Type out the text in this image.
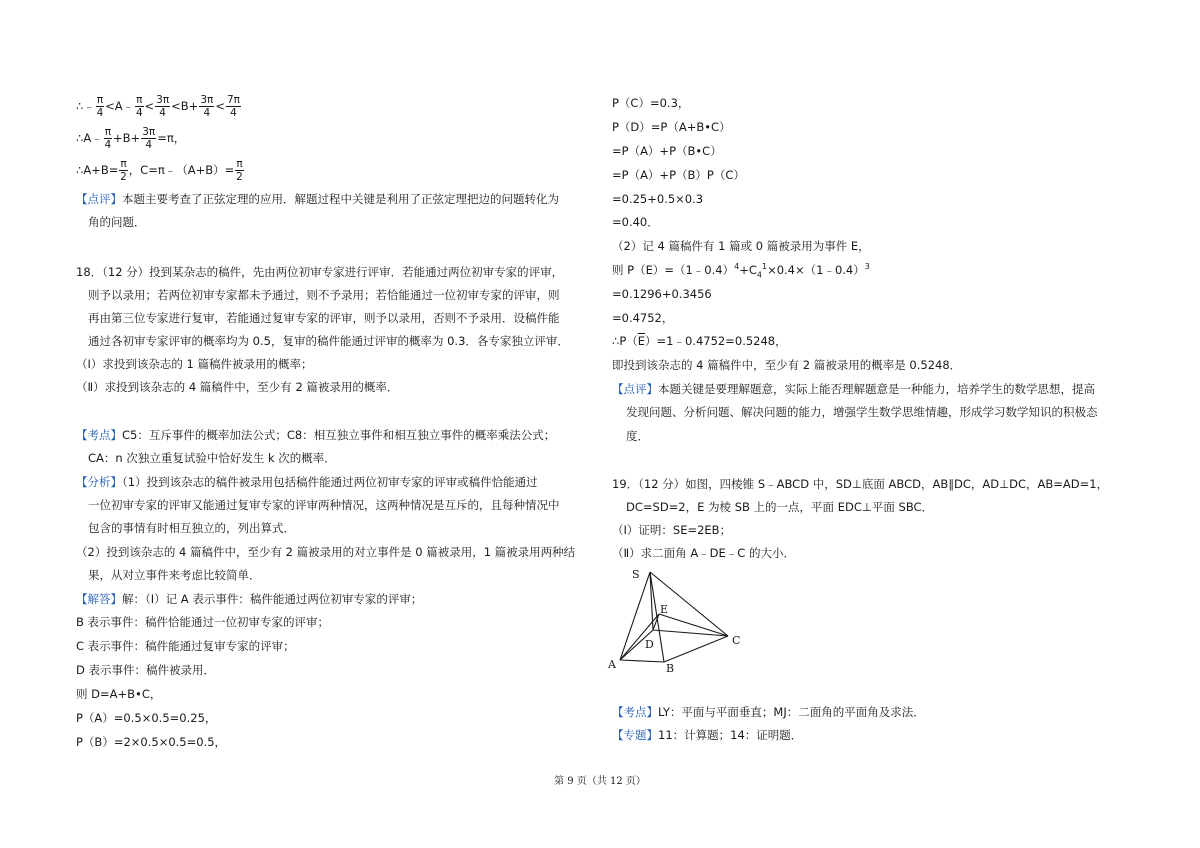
∴﹣ $\frac{\pi}{4}$ <A﹣ $\frac{\pi}{4} < \frac{3\pi}{4} <B+ \frac{3\pi}{4} < \frac{7\pi}{4}$
∴A﹣ $\frac{\pi}{4} +B+ \frac{3\pi}{4} =\pi$，
∴A+B= $\frac{\pi}{2}$ ，C=π﹣（A+B）= $\frac{\pi}{2}$
【点评】本题主要考查了正弦定理的应用．解题过程中关键是利用了正弦定理把边的问题转化为
角的问题．
18．（12 分）投到某杂志的稿件，先由两位初审专家进行评审．若能通过两位初审专家的评审，
则予以录用；若两位初审专家都未予通过，则不予录用；若恰能通过一位初审专家的评审，则
再由第三位专家进行复审，若能通过复审专家的评审，则予以录用，否则不予录用．设稿件能
通过各初审专家评审的概率均为 0.5，复审的稿件能通过评审的概率为 0.3．各专家独立评审．
（Ⅰ）求投到该杂志的 1 篇稿件被录用的概率；
（Ⅱ）求投到该杂志的 4 篇稿件中，至少有 2 篇被录用的概率．
【考点】C5：互斥事件的概率加法公式；C8：相互独立事件和相互独立事件的概率乘法公式；
CA：n 次独立重复试验中恰好发生 k 次的概率．
【分析】（1）投到该杂志的稿件被录用包括稿件能通过两位初审专家的评审或稿件恰能通过
一位初审专家的评审又能通过复审专家的评审两种情况，这两种情况是互斥的，且每种情况中
包含的事情有时相互独立的，列出算式．
（2）投到该杂志的 4 篇稿件中，至少有 2 篇被录用的对立事件是 0 篇被录用，1 篇被录用两种结
果，从对立事件来考虑比较简单．
【解答】解：（Ⅰ）记 A 表示事件：稿件能通过两位初审专家的评审；
B 表示事件：稿件恰能通过一位初审专家的评审；
C 表示事件：稿件能通过复审专家的评审；
D 表示事件：稿件被录用．
则 D=A+B•C，
P（A）=0.5×0.5=0.25，
P（B）=2×0.5×0.5=0.5，
P（C）=0.3，
P（D）=P（A+B•C）
=P（A）+P（B•C）
=P（A）+P（B）P（C）
=0.25+0.5×0.3
=0.40．
（2）记 4 篇稿件有 1 篇或 0 篇被录用为事件 E，
则 $P(E)=(1﹣0.4)^4+C_4^1\times 0.4\times(1﹣0.4)^3$
=0.1296+0.3456
=0.4752，
$\therefore P(\overline{E})=1﹣0.4752=0.5248$，
即投到该杂志的 4 篇稿件中，至少有 2 篇被录用的概率是 0.5248．
【点评】本题关键是要理解题意，实际上能否理解题意是一种能力，培养学生的数学思想，提高
发现问题、分析问题、解决问题的能力，增强学生数学思维情趣，形成学习数学知识的积极态
度．
19．（12 分）如图，四棱锥 S﹣ABCD 中，SD⊥底面 ABCD，AB∥DC，AD⊥DC，AB=AD=1，
DC=SD=2，E 为棱 SB 上的一点，平面 EDC⊥平面 SBC．
（Ⅰ）证明：SE=2EB；
（Ⅱ）求二面角 A﹣DE﹣C 的大小．
S
E
D	C
A	B
【考点】LY：平面与平面垂直；MJ：二面角的平面角及求法．
【专题】11：计算题；14：证明题．
第 9 页（共 12 页）
